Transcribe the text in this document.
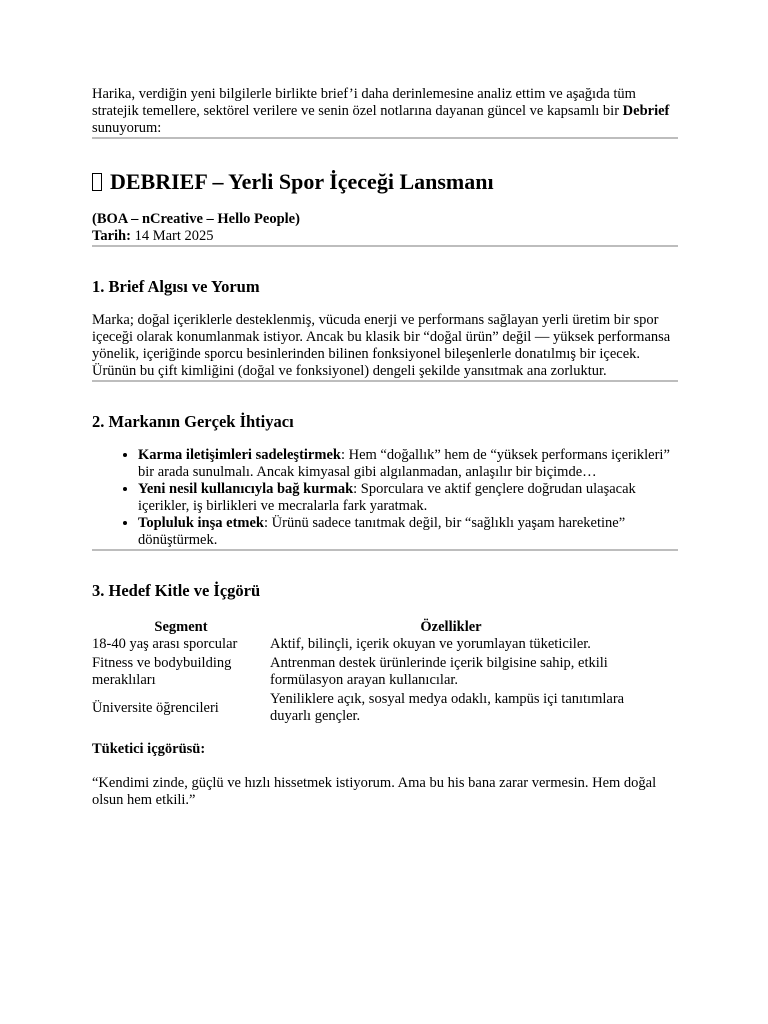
Harika, verdiğin yeni bilgilerle birlikte brief’i daha derinlemesine analiz ettim ve aşağıda tüm stratejik temellere, sektörel verilere ve senin özel notlarına dayanan güncel ve kapsamlı bir Debrief sunuyorum:

DEBRIEF – Yerli Spor İçeceği Lansmanı

(BOA – nCreative – Hello People)

Tarih: 14 Mart 2025

1. Brief Algısı ve Yorum

Marka; doğal içeriklerle desteklenmiş, vücuda enerji ve performans sağlayan yerli üretim bir spor içeceği olarak konumlanmak istiyor. Ancak bu klasik bir “doğal ürün” değil — yüksek performansa yönelik, içeriğinde sporcu besinlerinden bilinen fonksiyonel bileşenlerle donatılmış bir içecek. Ürünün bu çift kimliğini (doğal ve fonksiyonel) dengeli şekilde yansıtmak ana zorluktur.

2. Markanın Gerçek İhtiyacı
• Karma iletişimleri sadeleştirmek: Hem “doğallık” hem de “yüksek performans içerikleri” bir arada sunulmalı. Ancak kimyasal gibi algılanmadan, anlaşılır bir biçimde…
• Yeni nesil kullanıcıyla bağ kurmak: Sporculara ve aktif gençlere doğrudan ulaşacak içerikler, iş birlikleri ve mecralarla fark yaratmak.
• Topluluk inşa etmek: Ürünü sadece tanıtmak değil, bir “sağlıklı yaşam hareketine” dönüştürmek.
3. Hedef Kitle ve İçgörü
Segment	Özellikler
18-40 yaş arası sporcular	Aktif, bilinçli, içerik okuyan ve yorumlayan tüketiciler.
Fitness ve bodybuilding meraklıları	Antrenman destek ürünlerinde içerik bilgisine sahip, etkili formülasyon arayan kullanıcılar.
Üniversite öğrencileri	Yeniliklere açık, sosyal medya odaklı, kampüs içi tanıtımlara duyarlı gençler.

Tüketici içgörüsü:

“Kendimi zinde, güçlü ve hızlı hissetmek istiyorum. Ama bu his bana zarar vermesin. Hem doğal olsun hem etkili.”
